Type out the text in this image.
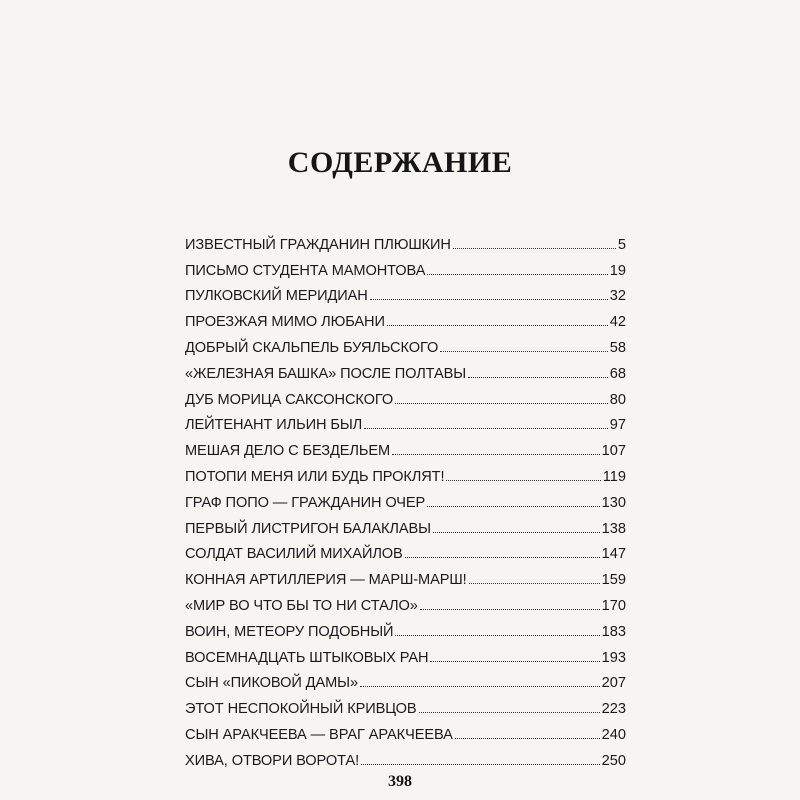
СОДЕРЖАНИЕ
ИЗВЕСТНЫЙ ГРАЖДАНИН ПЛЮШКИН	5
ПИСЬМО СТУДЕНТА МАМОНТОВА	19
ПУЛКОВСКИЙ МЕРИДИАН	32
ПРОЕЗЖАЯ МИМО ЛЮБАНИ	42
ДОБРЫЙ СКАЛЬПЕЛЬ БУЯЛЬСКОГО	58
«ЖЕЛЕЗНАЯ БАШКА» ПОСЛЕ ПОЛТАВЫ	68
ДУБ МОРИЦА САКСОНСКОГО	80
ЛЕЙТЕНАНТ ИЛЬИН БЫЛ	97
МЕШАЯ ДЕЛО С БЕЗДЕЛЬЕМ	107
ПОТОПИ МЕНЯ ИЛИ БУДЬ ПРОКЛЯТ!	119
ГРАФ ПОПО — ГРАЖДАНИН ОЧЕР	130
ПЕРВЫЙ ЛИСТРИГОН БАЛАКЛАВЫ	138
СОЛДАТ ВАСИЛИЙ МИХАЙЛОВ	147
КОННАЯ АРТИЛЛЕРИЯ — МАРШ-МАРШ!	159
«МИР ВО ЧТО БЫ ТО НИ СТАЛО»	170
ВОИН, МЕТЕОРУ ПОДОБНЫЙ	183
ВОСЕМНАДЦАТЬ ШТЫКОВЫХ РАН	193
СЫН «ПИКОВОЙ ДАМЫ»	207
ЭТОТ НЕСПОКОЙНЫЙ КРИВЦОВ	223
СЫН АРАКЧЕЕВА — ВРАГ АРАКЧЕЕВА	240
ХИВА, ОТВОРИ ВОРОТА!	250
398
